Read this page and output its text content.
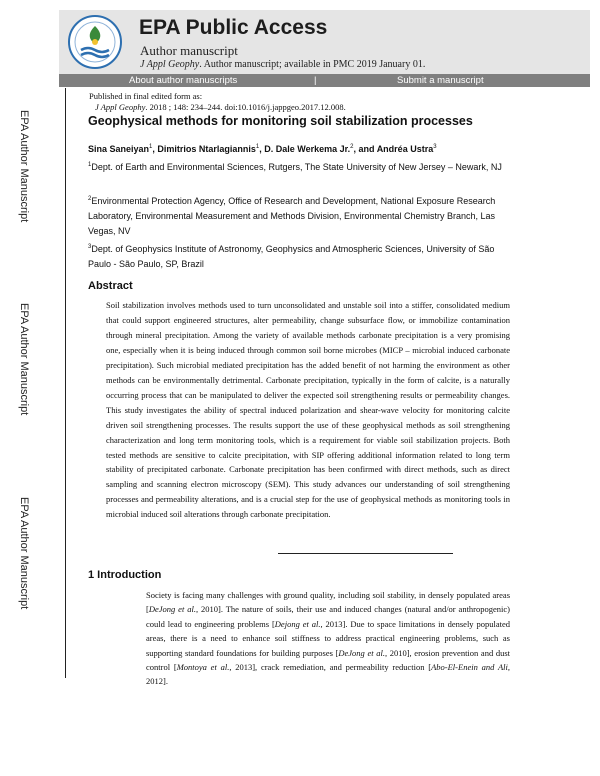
EPA Public Access
Author manuscript
J Appl Geophy. Author manuscript; available in PMC 2019 January 01.
About author manuscripts	|	Submit a manuscript
Published in final edited form as:
J Appl Geophy. 2018 ; 148: 234–244. doi:10.1016/j.jappgeo.2017.12.008.
EPA Author Manuscript
EPA Author Manuscript
EPA Author Manuscript
Geophysical methods for monitoring soil stabilization processes
Sina Saneiyan$^1$, Dimitrios Ntarlagiannis$^1$, D. Dale Werkema Jr.$^2$, and Andréa Ustra$^3$
$^1$Dept. of Earth and Environmental Sciences, Rutgers, The State University of New Jersey – Newark, NJ
$^2$Environmental Protection Agency, Office of Research and Development, National Exposure Research Laboratory, Environmental Measurement and Methods Division, Environmental Chemistry Branch, Las Vegas, NV
$^3$Dept. of Geophysics Institute of Astronomy, Geophysics and Atmospheric Sciences, University of São Paulo - São Paulo, SP, Brazil
Abstract

Soil stabilization involves methods used to turn unconsolidated and unstable soil into a stiffer, consolidated medium that could support engineered structures, alter permeability, change subsurface flow, or immobilize contamination through mineral precipitation. Among the variety of available methods carbonate precipitation is a very promising one, especially when it is being induced through common soil borne microbes (MICP – microbial induced carbonate precipitation). Such microbial mediated precipitation has the added benefit of not harming the environment as other methods can be environmentally detrimental. Carbonate precipitation, typically in the form of calcite, is a naturally occurring process that can be manipulated to deliver the expected soil strengthening results or permeability changes. This study investigates the ability of spectral induced polarization and shear-wave velocity for monitoring calcite driven soil strengthening processes. The results support the use of these geophysical methods as soil strengthening characterization and long term monitoring tools, which is a requirement for viable soil stabilization projects. Both tested methods are sensitive to calcite precipitation, with SIP offering additional information related to long term stability of precipitated carbonate. Carbonate precipitation has been confirmed with direct methods, such as direct sampling and scanning electron microscopy (SEM). This study advances our understanding of soil strengthening processes and permeability alterations, and is a crucial step for the use of geophysical methods as monitoring tools in microbial induced soil alterations through carbonate precipitation.

1 Introduction

Society is facing many challenges with ground quality, including soil stability, in densely populated areas [DeJong et al., 2010]. The nature of soils, their use and induced changes (natural and/or anthropogenic) could lead to engineering problems [Dejong et al., 2013]. Due to space limitations in densely populated areas, there is a need to enhance soil stiffness to address practical engineering problems, such as supporting standard foundations for building purposes [DeJong et al., 2010], erosion prevention and dust control [Montoya et al., 2013], crack remediation, and permeability reduction [Abo-El-Enein and Ali, 2012].
